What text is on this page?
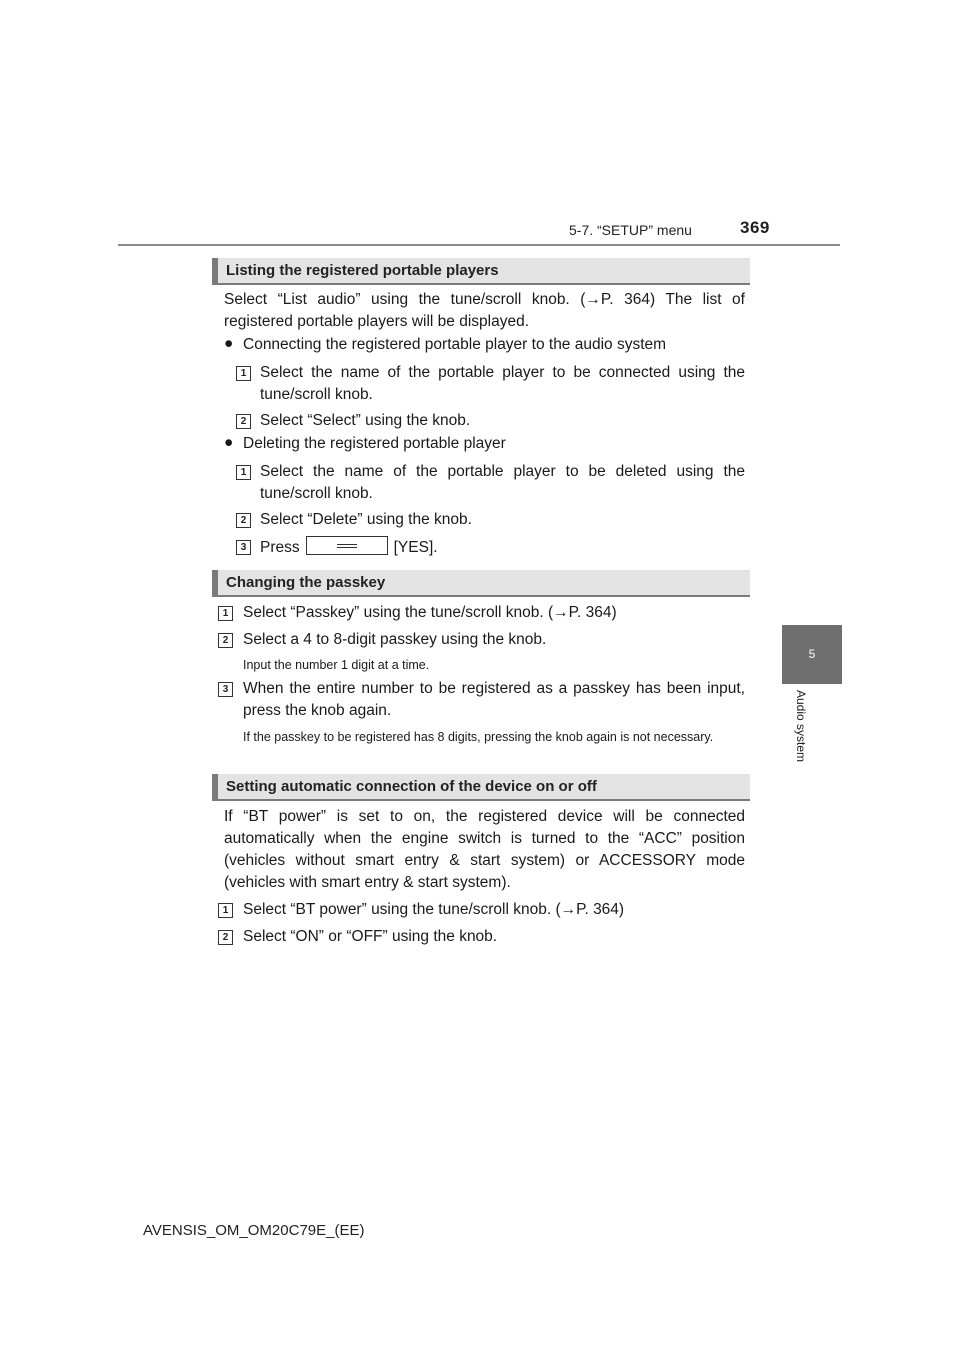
5-7. “SETUP” menu	369
5
Audio system
Listing the registered portable players
Select “List audio” using the tune/scroll knob. (→P. 364) The list of registered portable players will be displayed.
● Connecting the registered portable player to the audio system
1 Select the name of the portable player to be connected using the tune/scroll knob.
2 Select “Select” using the knob.
● Deleting the registered portable player
1 Select the name of the portable player to be deleted using the tune/scroll knob.
2 Select “Delete” using the knob.
3 Press	[YES].
Changing the passkey
1 Select “Passkey” using the tune/scroll knob. (→P. 364)
2 Select a 4 to 8-digit passkey using the knob.
Input the number 1 digit at a time.
3 When the entire number to be registered as a passkey has been input, press the knob again.
If the passkey to be registered has 8 digits, pressing the knob again is not necessary.
Setting automatic connection of the device on or off
If “BT power” is set to on, the registered device will be connected automatically when the engine switch is turned to the “ACC” position (vehicles without smart entry & start system) or ACCESSORY mode (vehicles with smart entry & start system).
1 Select “BT power” using the tune/scroll knob. (→P. 364)
2 Select “ON” or “OFF” using the knob.
AVENSIS_OM_OM20C79E_(EE)
